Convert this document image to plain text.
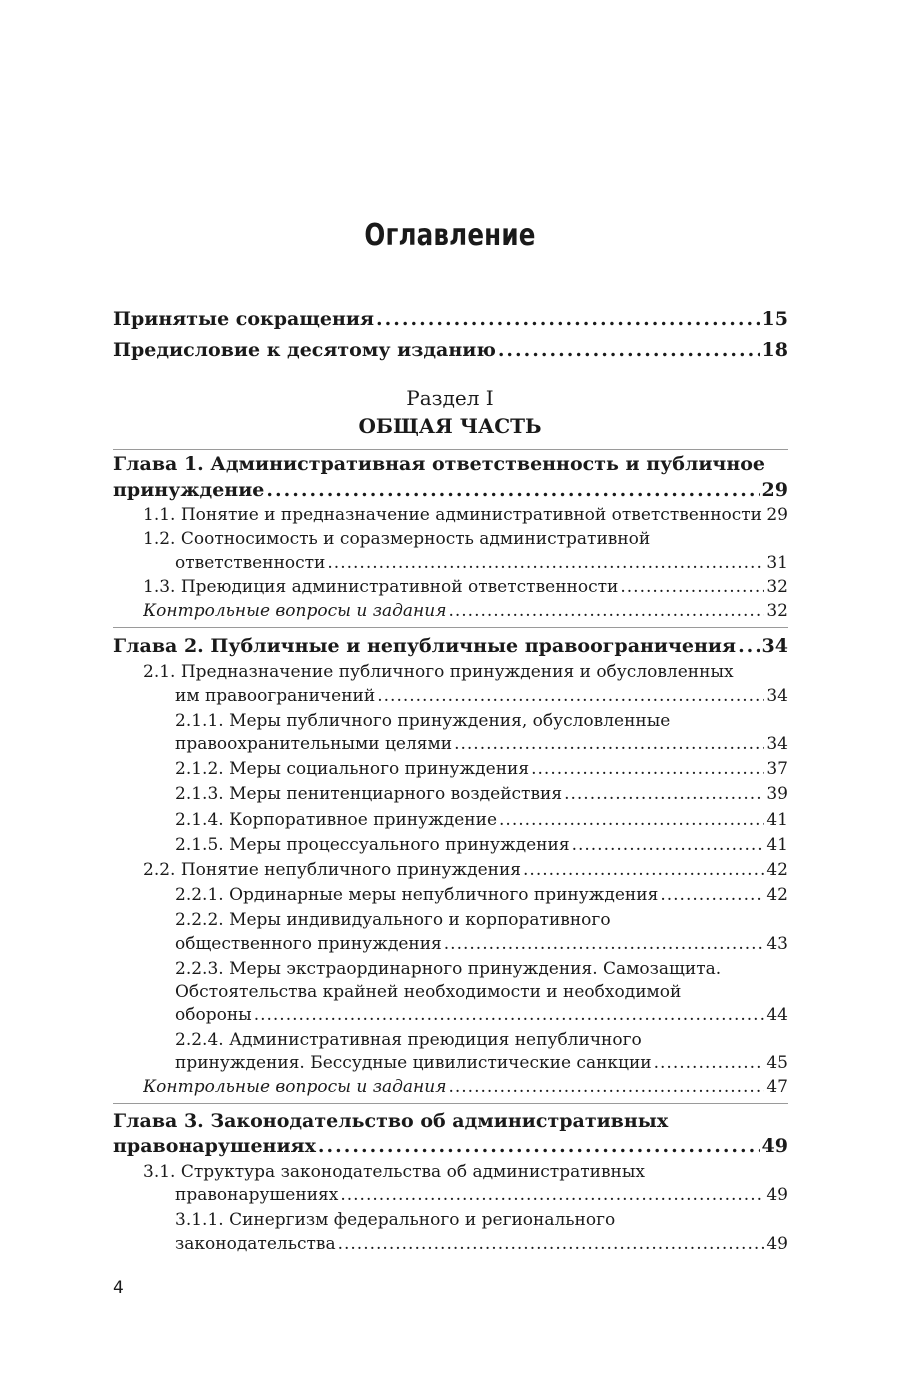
Оглавление
Принятые сокращения .....	15
Предисловие к десятому изданию .....	18
Раздел I
ОБЩАЯ ЧАСТЬ
Глава 1. Административная ответственность и публичное
принуждение .....	29
1.1. Понятие и предназначение административной ответственности ..... 29
1.2. Соотносимость и соразмерность административной
ответственности .....	31
1.3. Преюдиция административной ответственности .....	32
Контрольные вопросы и задания .....	32
Глава 2. Публичные и непубличные правоограничения ..... 34
2.1. Предназначение публичного принуждения и обусловленных
им правоограничений .....	34
2.1.1. Меры публичного принуждения, обусловленные
правоохранительными целями .....	34
2.1.2. Меры социального принуждения .....	37
2.1.3. Меры пенитенциарного воздействия .....	39
2.1.4. Корпоративное принуждение .....	41
2.1.5. Меры процессуального принуждения .....	41
2.2. Понятие непубличного принуждения .....	42
2.2.1. Ординарные меры непубличного принуждения .....	42
2.2.2. Меры индивидуального и корпоративного
общественного принуждения .....	43
2.2.3. Меры экстраординарного принуждения. Самозащита.
Обстоятельства крайней необходимости и необходимой
обороны .....	44
2.2.4. Административная преюдиция непубличного
принуждения. Бессудные цивилистические санкции .....	45
Контрольные вопросы и задания .....	47
Глава 3. Законодательство об административных
правонарушениях .....	49
3.1. Структура законодательства об административных
правонарушениях .....	49
3.1.1. Синергизм федерального и регионального
законодательства .....	49
4
